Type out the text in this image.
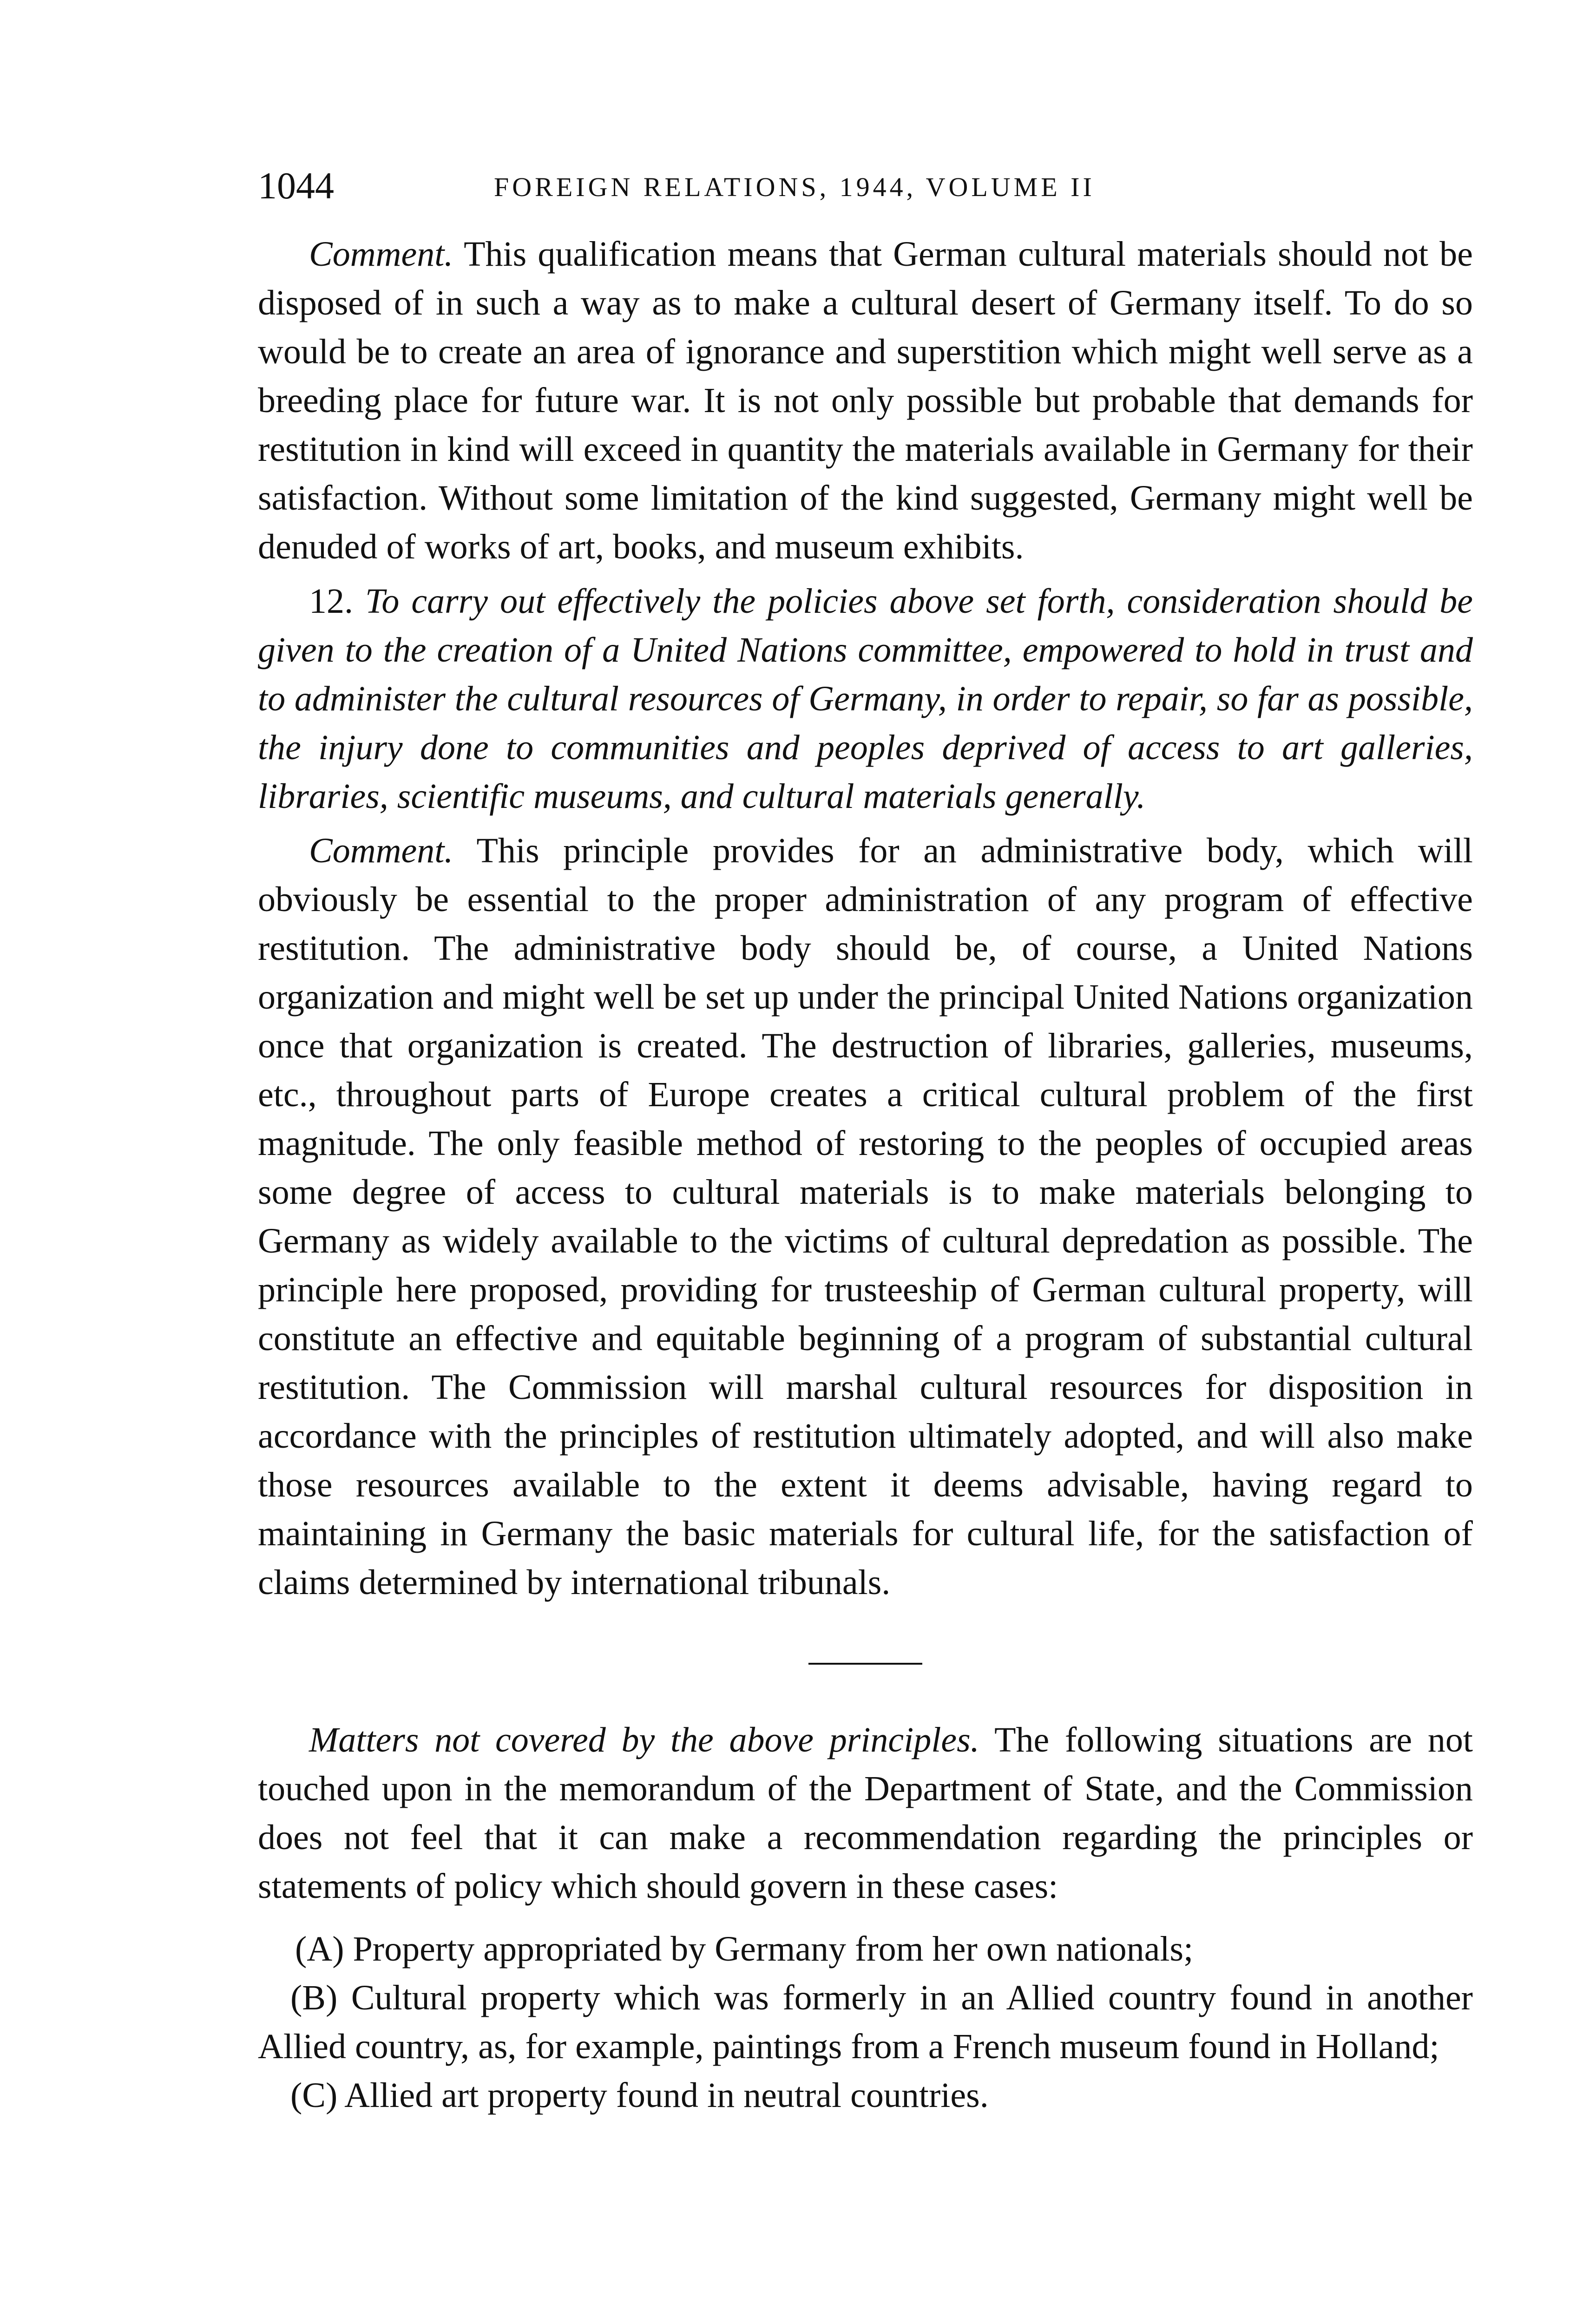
1044	FOREIGN RELATIONS, 1944, VOLUME II

Comment. This qualification means that German cultural materials should not be disposed of in such a way as to make a cultural desert of Germany itself. To do so would be to create an area of ignorance and superstition which might well serve as a breeding place for future war. It is not only possible but probable that demands for restitution in kind will exceed in quantity the materials available in Germany for their satisfaction. Without some limitation of the kind suggested, Germany might well be denuded of works of art, books, and museum exhibits.

12. To carry out effectively the policies above set forth, consideration should be given to the creation of a United Nations committee, empowered to hold in trust and to administer the cultural resources of Germany, in order to repair, so far as possible, the injury done to communities and peoples deprived of access to art galleries, libraries, scientific museums, and cultural materials generally.

Comment. This principle provides for an administrative body, which will obviously be essential to the proper administration of any program of effective restitution. The administrative body should be, of course, a United Nations organization and might well be set up under the principal United Nations organization once that organization is created. The destruction of libraries, galleries, museums, etc., throughout parts of Europe creates a critical cultural problem of the first magnitude. The only feasible method of restoring to the peoples of occupied areas some degree of access to cultural materials is to make materials belonging to Germany as widely available to the victims of cultural depredation as possible. The principle here proposed, providing for trusteeship of German cultural property, will constitute an effective and equitable beginning of a program of substantial cultural restitution. The Commission will marshal cultural resources for disposition in accordance with the principles of restitution ultimately adopted, and will also make those resources available to the extent it deems advisable, having regard to maintaining in Germany the basic materials for cultural life, for the satisfaction of claims determined by international tribunals.

Matters not covered by the above principles. The following situations are not touched upon in the memorandum of the Department of State, and the Commission does not feel that it can make a recommendation regarding the principles or statements of policy which should govern in these cases:

(A) Property appropriated by Germany from her own nationals;

(B) Cultural property which was formerly in an Allied country found in another Allied country, as, for example, paintings from a French museum found in Holland;

(C) Allied art property found in neutral countries.
